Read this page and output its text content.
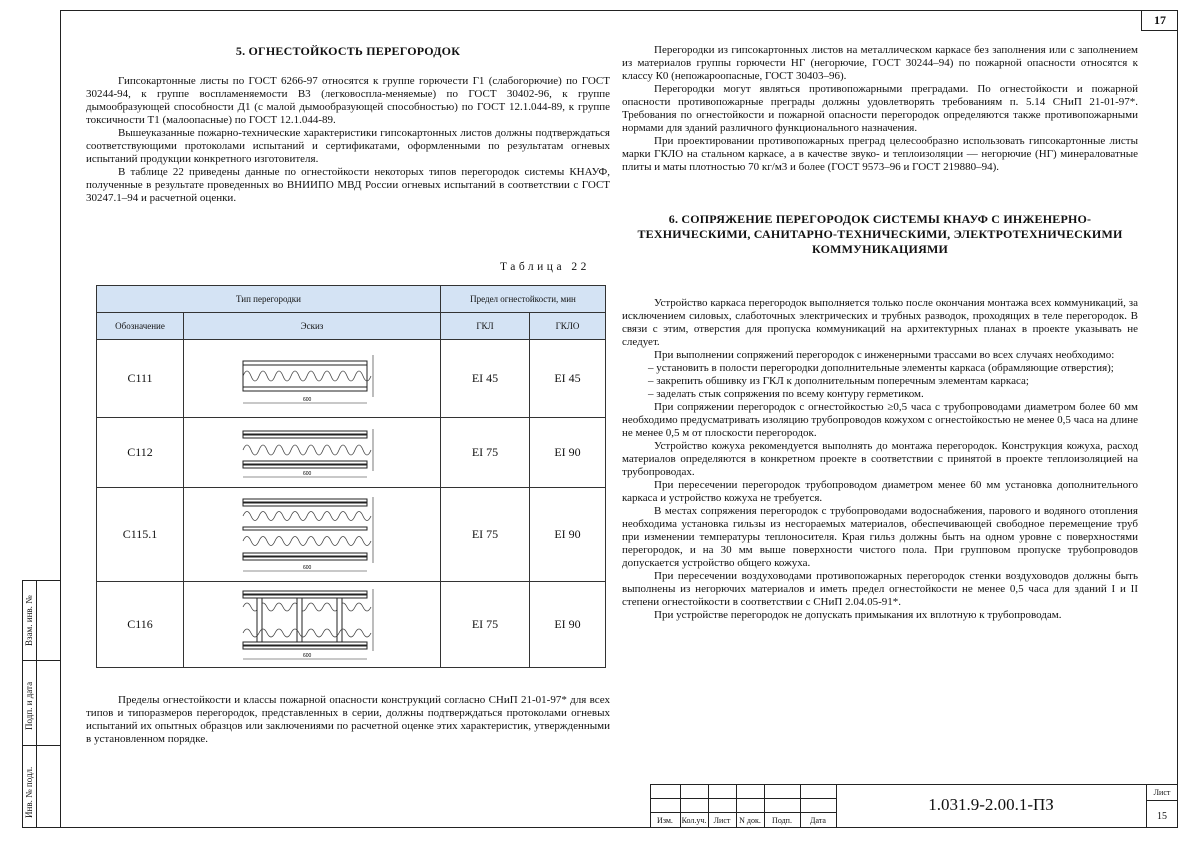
17
Взам. инв. №
Подп. и дата
Инв. № подл.
5. ОГНЕСТОЙКОСТЬ ПЕРЕГОРОДОК

Гипсокартонные листы по ГОСТ 6266-97 относятся к группе горючести Г1 (слабогорючие) по ГОСТ 30244-94, к группе воспламеняемости В3 (легковоспла-меняемые) по ГОСТ 30402-96, к группе дымообразующей способности Д1 (с малой дымообразующей способностью) по ГОСТ 12.1.044-89, к группе токсичности Т1 (малоопасные) по ГОСТ 12.1.044-89.

Вышеуказанные пожарно-технические характеристики гипсокартонных листов должны подтверждаться соответствующими протоколами испытаний и сертификатами, оформленными по результатам огневых испытаний продукции конкретного изготовителя.

В таблице 22 приведены данные по огнестойкости некоторых типов перегородок системы КНАУФ, полученные в результате проведенных во ВНИИПО МВД России огневых испытаний в соответствии с ГОСТ 30247.1–94 и расчетной оценки.

Таблица 22
Тип перегородки		Предел огнестойкости, мин	
Обозначение	Эскиз	ГКЛ	ГКЛО
С111	600	EI 45	EI 45
С112	600	EI 75	EI 90
С115.1	600	EI 75	EI 90
С116	600	EI 75	EI 90

Пределы огнестойкости и классы пожарной опасности конструкций согласно СНиП 21-01-97* для всех типов и типоразмеров перегородок, представленных в серии, должны подтверждаться протоколами огневых испытаний их опытных образцов или заключениями по расчетной оценке этих характеристик, утвержденными в установленном порядке.

Перегородки из гипсокартонных листов на металлическом каркасе без заполнения или с заполнением из материалов группы горючести НГ (негорючие, ГОСТ 30244–94) по пожарной опасности относятся к классу К0 (непожароопасные, ГОСТ 30403–96).

Перегородки могут являться противопожарными преградами. По огнестойкости и пожарной опасности противопожарные преграды должны удовлетворять требованиям п. 5.14 СНиП 21-01-97*. Требования по огнестойкости и пожарной опасности перегородок определяются также противопожарными нормами для зданий различного функционального назначения.

При проектировании противопожарных преград целесообразно использовать гипсокартонные листы марки ГКЛО на стальном каркасе, а в качестве звуко- и теплоизоляции — негорючие (НГ) минераловатные плиты и маты плотностью 70 кг/м3 и более (ГОСТ 9573–96 и ГОСТ 219880–94).

6. СОПРЯЖЕНИЕ ПЕРЕГОРОДОК СИСТЕМЫ КНАУФ С ИНЖЕНЕРНО-ТЕХНИЧЕСКИМИ, САНИТАРНО-ТЕХНИЧЕСКИМИ, ЭЛЕКТРОТЕХНИЧЕСКИМИ КОММУНИКАЦИЯМИ

Устройство каркаса перегородок выполняется только после окончания монтажа всех коммуникаций, за исключением силовых, слаботочных электрических и трубных разводок, проходящих в теле перегородок. В связи с этим, отверстия для пропуска коммуникаций на архитектурных планах в проекте указывать не следует.

При выполнении сопряжений перегородок с инженерными трассами во всех случаях необходимо:

– установить в полости перегородки дополнительные элементы каркаса (обрамляющие отверстия);
– закрепить обшивку из ГКЛ к дополнительным поперечным элементам каркаса;
– заделать стык сопряжения по всему контуру герметиком.

При сопряжении перегородок с огнестойкостью ≥0,5 часа с трубопроводами диаметром более 60 мм необходимо предусматривать изоляцию трубопроводов кожухом с огнестойкостью не менее 0,5 часа на длине не менее 0,5 м от плоскости перегородок.

Устройство кожуха рекомендуется выполнять до монтажа перегородок. Конструкция кожуха, расход материалов определяются в конкретном проекте в соответствии с принятой в проекте теплоизоляцией на трубопроводах.

При пересечении перегородок трубопроводом диаметром менее 60 мм установка дополнительного каркаса и устройство кожуха не требуется.

В местах сопряжения перегородок с трубопроводами водоснабжения, парового и водяного отопления необходима установка гильзы из несгораемых материалов, обеспечивающей свободное перемещение труб при изменении температуры теплоносителя. Края гильз должны быть на одном уровне с поверхностями перегородок, и на 30 мм выше поверхности чистого пола. При групповом пропуске трубопроводов допускается устройство общего кожуха.

При пересечении воздуховодами противопожарных перегородок стенки воздуховодов должны быть выполнены из негорючих материалов и иметь предел огнестойкости не менее 0,5 часа для зданий I и II степени огнестойкости в соответствии с СНиП 2.04.05-91*.

При устройстве перегородок не допускать примыкания их вплотную к трубопроводам.

Изм.	Кол.уч. Лист	N док.	Подп.	Дата
1.031.9-2.00.1-ПЗ
Лист
15
